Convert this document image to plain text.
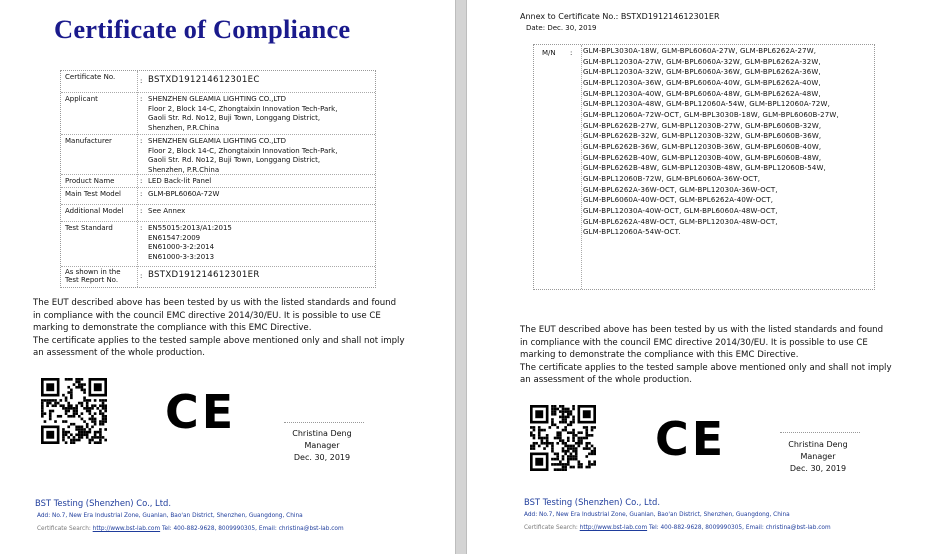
Certificate of Compliance
Certificate No.	: BSTXD191214612301EC
Applicant	: SHENZHEN GLEAMIA LIGHTING CO.,LTD
Floor 2, Block 14-C, Zhongtaixin Innovation Tech-Park,
Gaoli Str. Rd. No12, Buji Town, Longgang District,
Shenzhen, P.R.China
Manufacturer	: SHENZHEN GLEAMIA LIGHTING CO.,LTD
Floor 2, Block 14-C, Zhongtaixin Innovation Tech-Park,
Gaoli Str. Rd. No12, Buji Town, Longgang District,
Shenzhen, P.R.China
Product Name	: LED Back-lit Panel
Main Test Model	: GLM-BPL6060A-72W
Additional Model	: See Annex
Test Standard	: EN55015:2013/A1:2015
EN61547:2009
EN61000-3-2:2014
EN61000-3-3:2013
As shown in the Test Report No.	: BSTXD191214612301ER

The EUT described above has been tested by us with the listed standards and found

in compliance with the council EMC directive 2014/30/EU. It is possible to use CE

marking to demonstrate the compliance with this EMC Directive.

The certificate applies to the tested sample above mentioned only and shall not imply

an assessment of the whole production.

CE	Christina Deng
Manager
Dec. 30, 2019
BST Testing (Shenzhen) Co., Ltd.
Add: No.7, New Era Industrial Zone, Guanlan, Bao'an District, Shenzhen, Guangdong, China
Certificate Search: http://www.bst-lab.com Tel: 400-882-9628, 8009990305, Email: christina@bst-lab.com
Annex to Certificate No.: BSTXD191214612301ER
Date: Dec. 30, 2019
M/N : GLM-BPL3030A-18W, GLM-BPL6060A-27W, GLM-BPL6262A-27W,
GLM-BPL12030A-27W, GLM-BPL6060A-32W, GLM-BPL6262A-32W,
GLM-BPL12030A-32W, GLM-BPL6060A-36W, GLM-BPL6262A-36W,
GLM-BPL12030A-36W, GLM-BPL6060A-40W, GLM-BPL6262A-40W,
GLM-BPL12030A-40W, GLM-BPL6060A-48W, GLM-BPL6262A-48W,
GLM-BPL12030A-48W, GLM-BPL12060A-54W, GLM-BPL12060A-72W,
GLM-BPL12060A-72W-OCT, GLM-BPL3030B-18W, GLM-BPL6060B-27W,
GLM-BPL6262B-27W, GLM-BPL12030B-27W, GLM-BPL6060B-32W,
GLM-BPL6262B-32W, GLM-BPL12030B-32W, GLM-BPL6060B-36W,
GLM-BPL6262B-36W, GLM-BPL12030B-36W, GLM-BPL6060B-40W,
GLM-BPL6262B-40W, GLM-BPL12030B-40W, GLM-BPL6060B-48W,
GLM-BPL6262B-48W, GLM-BPL12030B-48W, GLM-BPL12060B-54W,
GLM-BPL12060B-72W, GLM-BPL6060A-36W-OCT,
GLM-BPL6262A-36W-OCT, GLM-BPL12030A-36W-OCT,
GLM-BPL6060A-40W-OCT, GLM-BPL6262A-40W-OCT,
GLM-BPL12030A-40W-OCT, GLM-BPL6060A-48W-OCT,
GLM-BPL6262A-48W-OCT, GLM-BPL12030A-48W-OCT,
GLM-BPL12060A-54W-OCT.

The EUT described above has been tested by us with the listed standards and found

in compliance with the council EMC directive 2014/30/EU. It is possible to use CE

marking to demonstrate the compliance with this EMC Directive.

The certificate applies to the tested sample above mentioned only and shall not imply

an assessment of the whole production.

CE	Christina Deng
Manager
Dec. 30, 2019
BST Testing (Shenzhen) Co., Ltd.
Add: No.7, New Era Industrial Zone, Guanlan, Bao'an District, Shenzhen, Guangdong, China
Certificate Search: http://www.bst-lab.com Tel: 400-882-9628, 8009990305, Email: christina@bst-lab.com
